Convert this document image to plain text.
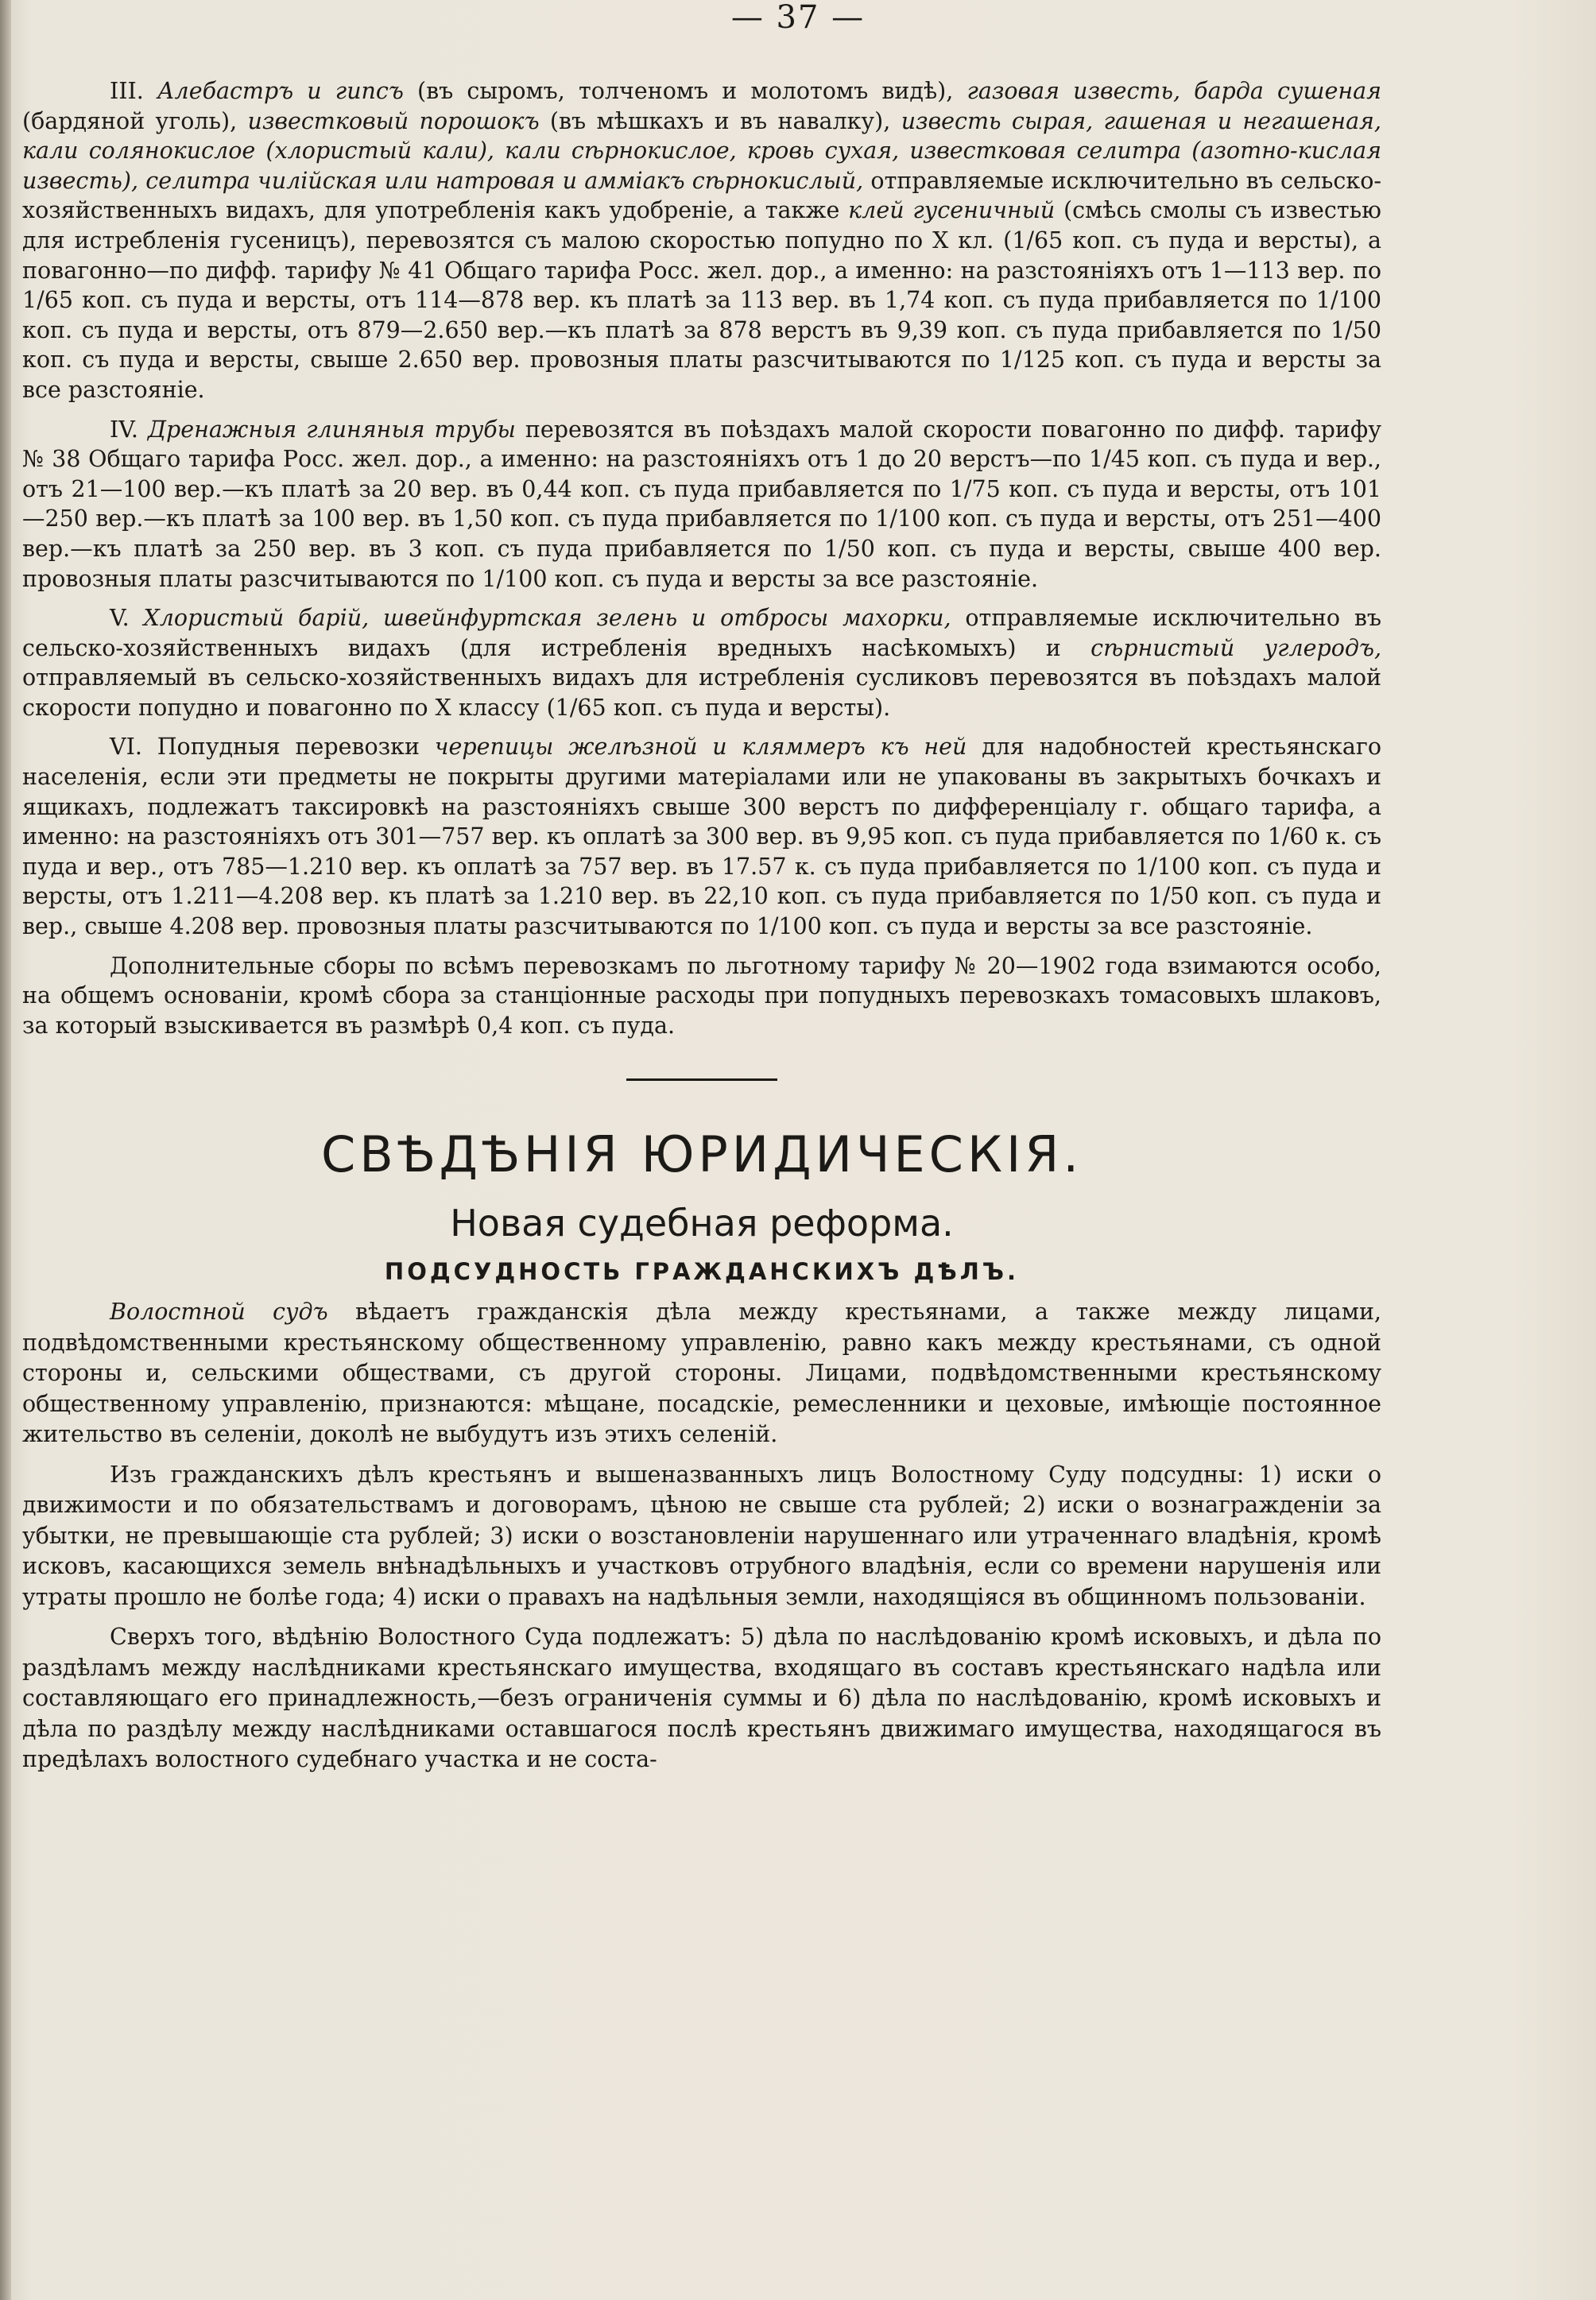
— 37 —

III. Алебастръ и гипсъ (въ сыромъ, толченомъ и молотомъ видѣ), газовая известь, барда сушеная (бардяной уголь), известковый порошокъ (въ мѣшкахъ и въ навалку), известь сырая, гашеная и негашеная, кали солянокислое (хлористый кали), кали сѣрнокислое, кровь сухая, известковая селитра (азотно-кислая известь), селитра чилійская или натровая и амміакъ сѣрнокислый, отправляемые исключительно въ сельско-хозяйственныхъ видахъ, для употребленія какъ удобреніе, а также клей гусеничный (смѣсь смолы съ известью для истребленія гусеницъ), перевозятся съ малою скоростью попудно по X кл. (1/65 коп. съ пуда и версты), а повагонно—по дифф. тарифу № 41 Общаго тарифа Росс. жел. дор., а именно: на разстояніяхъ отъ 1—113 вер. по 1/65 коп. съ пуда и версты, отъ 114—878 вер. къ платѣ за 113 вер. въ 1,74 коп. съ пуда прибавляется по 1/100 коп. съ пуда и версты, отъ 879—2.650 вер.—къ платѣ за 878 верстъ въ 9,39 коп. съ пуда прибавляется по 1/50 коп. съ пуда и версты, свыше 2.650 вер. провозныя платы разсчитываются по 1/125 коп. съ пуда и версты за все разстояніе.

IV. Дренажныя глиняныя трубы перевозятся въ поѣздахъ малой скорости повагонно по дифф. тарифу № 38 Общаго тарифа Росс. жел. дор., а именно: на разстояніяхъ отъ 1 до 20 верстъ—по 1/45 коп. съ пуда и вер., отъ 21—100 вер.—къ платѣ за 20 вер. въ 0,44 коп. съ пуда прибавляется по 1/75 коп. съ пуда и версты, отъ 101—250 вер.—къ платѣ за 100 вер. въ 1,50 коп. съ пуда прибавляется по 1/100 коп. съ пуда и версты, отъ 251—400 вер.—къ платѣ за 250 вер. въ 3 коп. съ пуда прибавляется по 1/50 коп. съ пуда и версты, свыше 400 вер. провозныя платы разсчитываются по 1/100 коп. съ пуда и версты за все разстояніе.

V. Хлористый барій, швейнфуртская зелень и отбросы махорки, отправляемые исключительно въ сельско-хозяйственныхъ видахъ (для истребленія вредныхъ насѣкомыхъ) и сѣрнистый углеродъ, отправляемый въ сельско-хозяйственныхъ видахъ для истребленія сусликовъ перевозятся въ поѣздахъ малой скорости попудно и повагонно по X классу (1/65 коп. съ пуда и версты).

VI. Попудныя перевозки черепицы желѣзной и кляммеръ къ ней для надобностей крестьянскаго населенія, если эти предметы не покрыты другими матеріалами или не упакованы въ закрытыхъ бочкахъ и ящикахъ, подлежатъ таксировкѣ на разстояніяхъ свыше 300 верстъ по дифференціалу г. общаго тарифа, а именно: на разстояніяхъ отъ 301—757 вер. къ оплатѣ за 300 вер. въ 9,95 коп. съ пуда прибавляется по 1/60 к. съ пуда и вер., отъ 785—1.210 вер. къ оплатѣ за 757 вер. въ 17.57 к. съ пуда прибавляется по 1/100 коп. съ пуда и версты, отъ 1.211—4.208 вер. къ платѣ за 1.210 вер. въ 22,10 коп. съ пуда прибавляется по 1/50 коп. съ пуда и вер., свыше 4.208 вер. провозныя платы разсчитываются по 1/100 коп. съ пуда и версты за все разстояніе.

Дополнительные сборы по всѣмъ перевозкамъ по льготному тарифу № 20—1902 года взимаются особо, на общемъ основаніи, кромѣ сбора за станціонные расходы при попудныхъ перевозкахъ томасовыхъ шлаковъ, за который взыскивается въ размѣрѣ 0,4 коп. съ пуда.

СВѢДѢНІЯ ЮРИДИЧЕСКІЯ.
Новая судебная реформа.
ПОДСУДНОСТЬ ГРАЖДАНСКИХЪ ДѢЛЪ.

Волостной судъ вѣдаетъ гражданскія дѣла между крестьянами, а также между лицами, подвѣдомственными крестьянскому общественному управленію, равно какъ между крестьянами, съ одной стороны и, сельскими обществами, съ другой стороны. Лицами, подвѣдомственными крестьянскому общественному управленію, признаются: мѣщане, посадскіе, ремесленники и цеховые, имѣющіе постоянное жительство въ селеніи, доколѣ не выбудутъ изъ этихъ селеній.

Изъ гражданскихъ дѣлъ крестьянъ и вышеназванныхъ лицъ Волостному Суду подсудны: 1) иски о движимости и по обязательствамъ и договорамъ, цѣною не свыше ста рублей; 2) иски о вознагражденіи за убытки, не превышающіе ста рублей; 3) иски о возстановленіи нарушеннаго или утраченнаго владѣнія, кромѣ исковъ, касающихся земель внѣнадѣльныхъ и участковъ отрубного владѣнія, если со времени нарушенія или утраты прошло не болѣе года; 4) иски о правахъ на надѣльныя земли, находящіяся въ общинномъ пользованіи.

Сверхъ того, вѣдѣнію Волостного Суда подлежатъ: 5) дѣла по наслѣдованію кромѣ исковыхъ, и дѣла по раздѣламъ между наслѣдниками крестьянскаго имущества, входящаго въ составъ крестьянскаго надѣла или составляющаго его принадлежность,—безъ ограниченія суммы и 6) дѣла по наслѣдованію, кромѣ исковыхъ и дѣла по раздѣлу между наслѣдниками оставшагося послѣ крестьянъ движимаго имущества, находящагося въ предѣлахъ волостного судебнаго участка и не соста-
